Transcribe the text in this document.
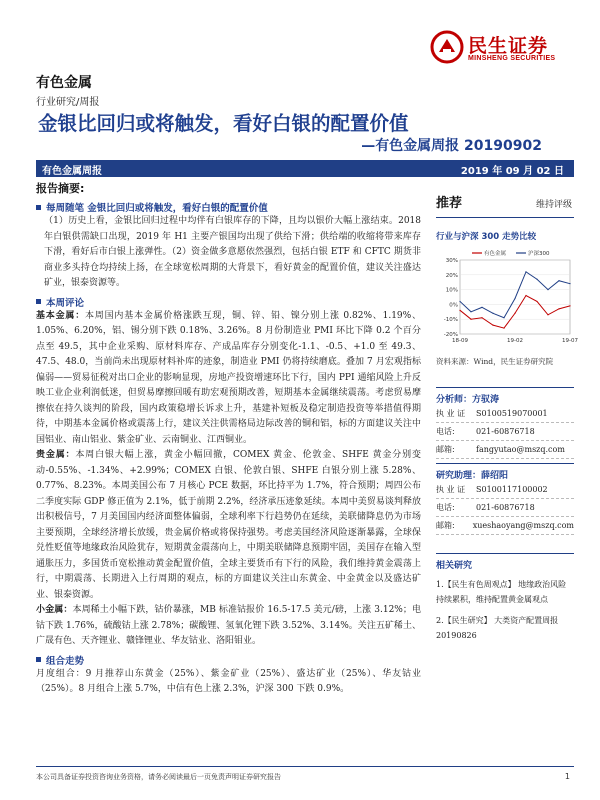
民生证券
MINSHENG SECURITIES
有色金属
行业研究/周报
金银比回归或将触发，看好白银的配置价值
—有色金属周报 20190902
有色金属周报	2019 年 09 月 02 日
报告摘要:
每周随笔 金银比回归或将触发，看好白银的配置价值

（1）历史上看，金银比回归过程中均伴有白银库存的下降，且均以银价大幅上涨结束。2018 年白银供需缺口出现，2019 年 H1 主要产银国均出现了供给下滑；供给端的收缩将带来库存下滑，看好后市白银上涨弹性。（2）资金做多意愿依然强烈，包括白银 ETF 和 CFTC 期货非商业多头持仓均持续上扬，在全球宽松周期的大背景下，看好黄金的配置价值，建议关注盛达矿业，银泰资源等。

本周评论

基本金属：本周国内基本金属价格涨跌互现，铜、锌、铅、镍分别上涨 0.82%、1.19%、1.05%、6.20%，铝、锡分别下跌 0.18%、3.26%。8 月份制造业 PMI 环比下降 0.2 个百分点至 49.5，其中企业采购、原材料库存、产成品库存分别变化-1.1、-0.5、+1.0 至 49.3、47.5、48.0，当前尚未出现原材料补库的迹象，制造业 PMI 仍将持续磨底。叠加 7 月宏观指标偏弱——贸易征税对出口企业的影响显现，房地产投资增速环比下行，国内 PPI 通缩风险上升反映工业企业利润低迷，但贸易摩擦回暖有助宏观预期改善，短期基本金属继续震荡。考虑贸易摩擦依在持久谈判的阶段，国内政策稳增长诉求上升，基建补短板及稳定制造投资等举措值得期待，中期基本金属价格或震荡上行，建议关注供需格局边际改善的铜和铝，标的方面建议关注中国铝业、南山铝业、紫金矿业、云南铜业、江西铜业。

贵金属：本周白银大幅上涨，黄金小幅回撤，COMEX 黄金、伦敦金、SHFE 黄金分别变动-0.55%、-1.34%、+2.99%；COMEX 白银、伦敦白银、SHFE 白银分别上涨 5.28%、0.77%、8.23%。本周美国公布 7 月核心 PCE 数据，环比持平为 1.7%，符合预期；周四公布二季度实际 GDP 修正值为 2.1%，低于前期 2.2%，经济承压迹象延续。本周中美贸易谈判释放出积极信号，7 月美国国内经济面整体偏弱，全球利率下行趋势仍在延续，美联储降息仍为市场主要预期，全球经济增长放缓，贵金属价格或将保持强势。考虑美国经济风险逐渐暴露，全球保兑性贬值等地缘政治风险犹存，短期黄金震荡向上，中期美联储降息预期牢固，美国存在输入型通胀压力，多国货币宽松推动黄金配置价值，全球主要货币有下行的风险，我们维持黄金震荡上行，中期震荡、长期进入上行周期的观点，标的方面建议关注山东黄金、中金黄金以及盛达矿业、银泰资源。

小金属：本周稀土小幅下跌，钴价暴涨，MB 标准钴报价 16.5-17.5 美元/磅，上涨 3.12%；电钴下跌 1.76%，硫酸钴上涨 2.78%；碳酸锂、氢氧化锂下跌 3.52%、3.14%。关注五矿稀土、广晟有色、天齐锂业、赣锋锂业、华友钴业、洛阳钼业。

组合走势

月度组合：9 月推荐山东黄金（25%）、紫金矿业（25%）、盛达矿业（25%）、华友钴业（25%）。8 月组合上涨 5.7%，中信有色上涨 2.3%，沪深 300 下跌 0.9%。

推荐	维持评级
行业与沪深 300 走势比较
-20%
-10%
0%
10%
20%
30%
18-09	19-02	19-07
有色金属	沪深300
资料来源：Wind，民生证券研究院
分析师：方驭涛
执 业 证	S0100519070001
电话:	021-60876718
邮箱:	fangyutao@mszq.com
研究助理：薛绍阳
执 业 证	S0100117100002
电话:	021-60876718
邮箱:	xueshaoyang@mszq.com
相关研究
1.【民生有色周观点】 地缘政治风险持续累积，维持配置黄金属观点
2.【民生研究】 大类资产配置周报 20190826
本公司具备证券投资咨询业务资格，请务必阅读最后一页免责声明证券研究报告	1
